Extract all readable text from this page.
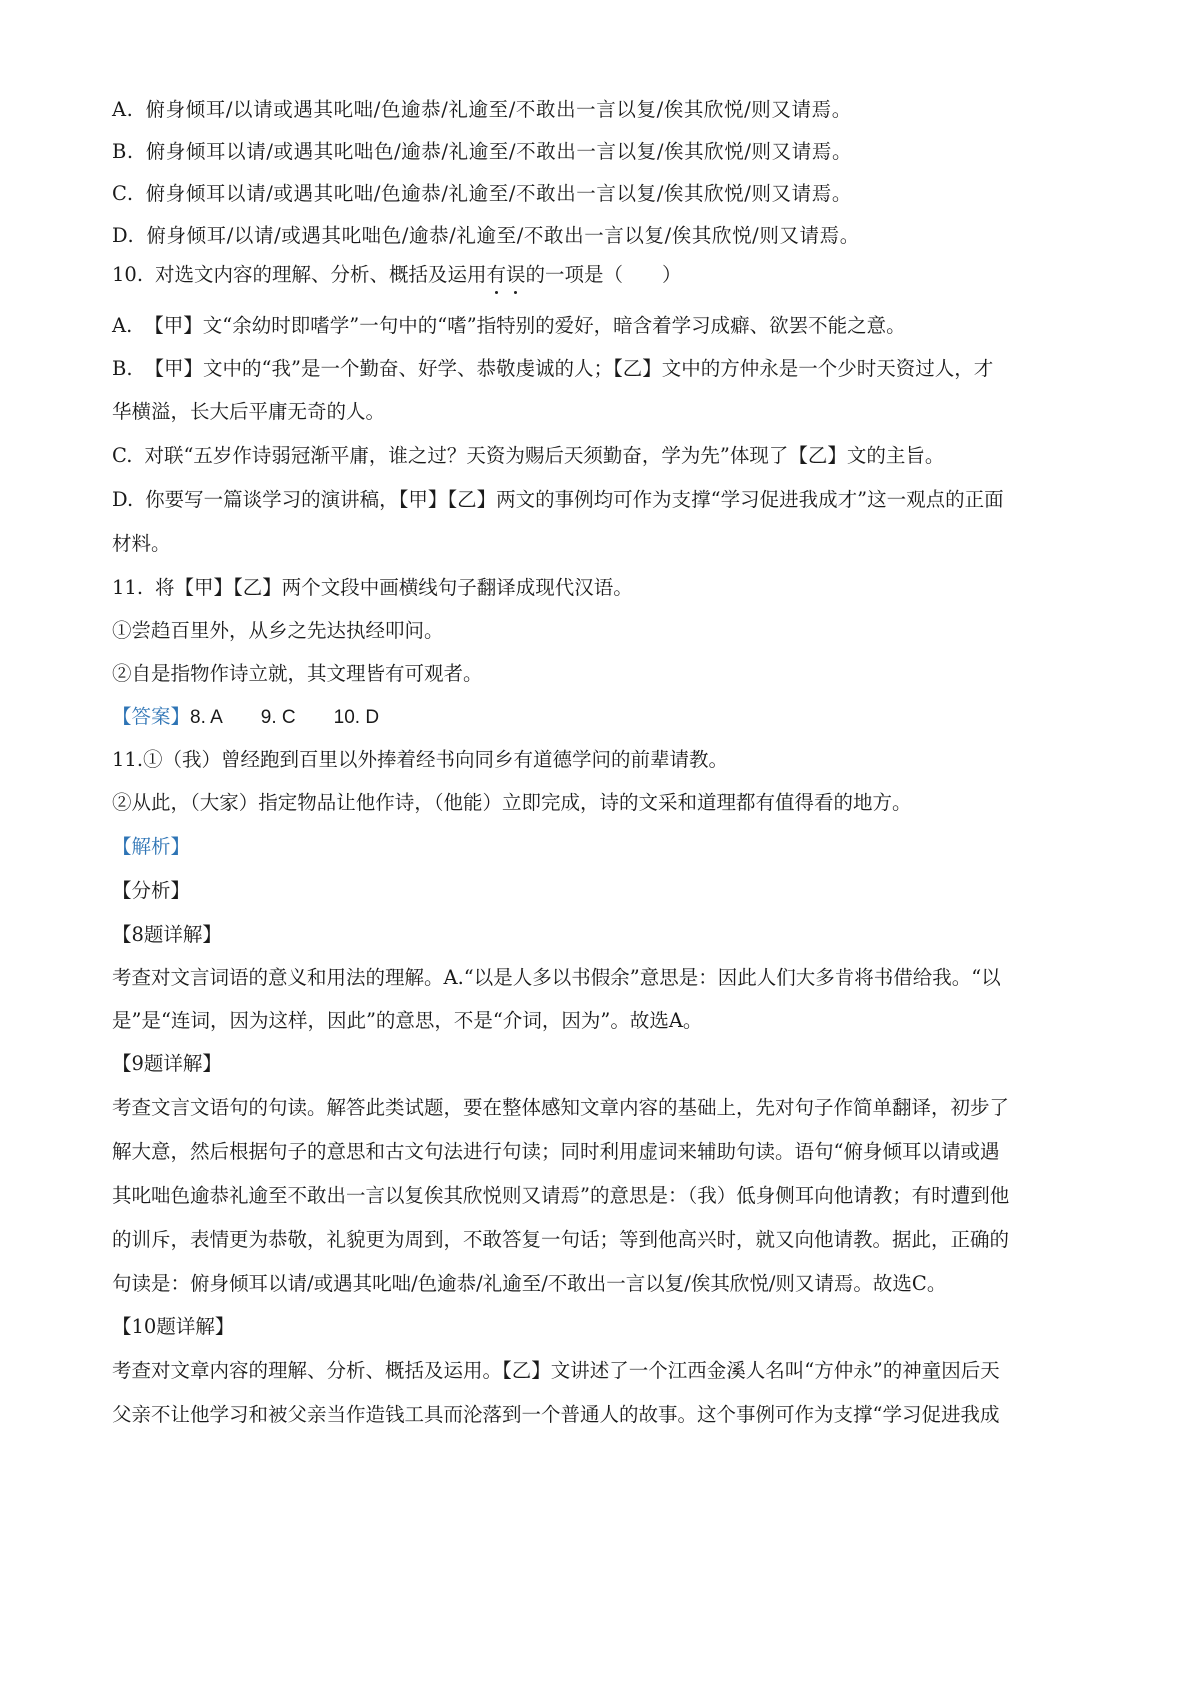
A. 俯身倾耳/以请或遇其叱咄/色逾恭/礼逾至/不敢出一言以复/俟其欣悦/则又请焉。
B. 俯身倾耳以请/或遇其叱咄色/逾恭/礼逾至/不敢出一言以复/俟其欣悦/则又请焉。
C. 俯身倾耳以请/或遇其叱咄/色逾恭/礼逾至/不敢出一言以复/俟其欣悦/则又请焉。
D. 俯身倾耳/以请/或遇其叱咄色/逾恭/礼逾至/不敢出一言以复/俟其欣悦/则又请焉。
10. 对选文内容的理解、分析、概括及运用有误
的一项是（　　）
A. 【甲】文“余幼时即嗜学”一句中的“嗜”指特别的爱好，暗含着学习成癖、欲罢不能之意。
B. 【甲】文中的“我”是一个勤奋、好学、恭敬虔诚的人；【乙】文中的方仲永是一个少时天资过人，才
华横溢，长大后平庸无奇的人。
C. 对联“五岁作诗弱冠渐平庸，谁之过？天资为赐后天须勤奋，学为先”体现了【乙】文的主旨。
D. 你要写一篇谈学习的演讲稿，【甲】【乙】两文的事例均可作为支撑“学习促进我成才”这一观点的正面
材料。
11. 将【甲】【乙】两个文段中画横线句子翻译成现代汉语。
①尝趋百里外，从乡之先达执经叩问。
②自是指物作诗立就，其文理皆有可观者。
【答案】8. A 9. C 10. D
11.①（我）曾经跑到百里以外捧着经书向同乡有道德学问的前辈请教。
②从此，（大家）指定物品让他作诗，（他能）立即完成，诗的文采和道理都有值得看的地方。
【解析】
【分析】
【8题详解】
考查对文言词语的意义和用法的理解。A.“以是人多以书假余”意思是：因此人们大多肯将书借给我。“以
是”是“连词，因为这样，因此”的意思，不是“介词，因为”。故选A。
【9题详解】
考查文言文语句的句读。解答此类试题，要在整体感知文章内容的基础上，先对句子作简单翻译，初步了
解大意，然后根据句子的意思和古文句法进行句读；同时利用虚词来辅助句读。语句“俯身倾耳以请或遇
其叱咄色逾恭礼逾至不敢出一言以复俟其欣悦则又请焉”的意思是：（我）低身侧耳向他请教；有时遭到他
的训斥，表情更为恭敬，礼貌更为周到，不敢答复一句话；等到他高兴时，就又向他请教。据此，正确的
句读是：俯身倾耳以请/或遇其叱咄/色逾恭/礼逾至/不敢出一言以复/俟其欣悦/则又请焉。故选C。
【10题详解】
考查对文章内容的理解、分析、概括及运用。【乙】文讲述了一个江西金溪人名叫“方仲永”的神童因后天
父亲不让他学习和被父亲当作造钱工具而沦落到一个普通人的故事。这个事例可作为支撑“学习促进我成
